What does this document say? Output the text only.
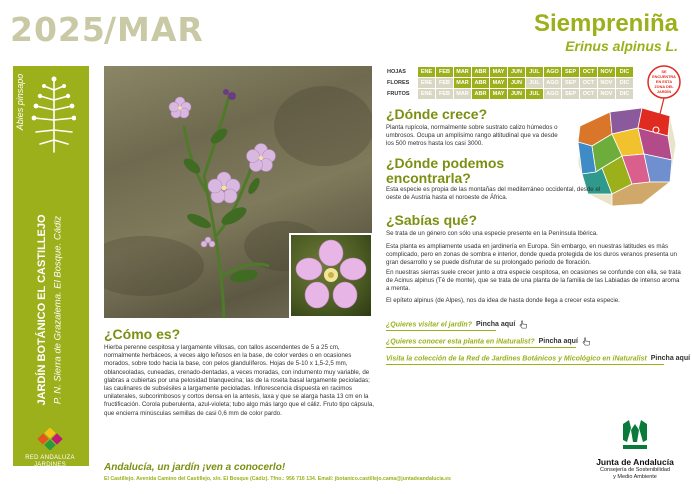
2025
/MAR	Siempreniña
Erinus alpinus L.
Abies pinsapo
JARDÍN BOTÁNICO EL CASTILLEJO P. N. Sierra de Grazalema. El Bosque. Cádiz
RED ANDALUZA
JARDINES BOTÁNICOS
HOJAS	ENE	FEB	MAR	ABR	MAY	JUN	JUL	AGO	SEP	OCT	NOV	DIC
FLORES	ENE	FEB	MAR	ABR	MAY	JUN	JUL	AGO	SEP	OCT	NOV	DIC
FRUTOS	ENE	FEB	MAR	ABR	MAY	JUN	JUL	AGO	SEP	OCT	NOV	DIC
SE
ENCUENTRA
EN ESTA
ZONA DEL
JARDÍN
¿Dónde crece?
Planta rupícola, normalmente sobre sustrato calizo húmedos o umbrosos. Ocupa un amplísimo rango altitudinal que va desde los 500 metros hasta los casi 3000.
¿Dónde podemos encontrarla?
Esta especie es propia de las montañas del mediterráneo occidental, desde el oeste de Austria hasta el noroeste de África.
¿Sabías qué?
Se trata de un género con sólo una especie presente en la Península Ibérica.
Esta planta es ampliamente usada en jardinería en Europa. Sin embargo, en nuestras latitudes es más complicado, pero en zonas de sombra e interior, donde queda protegida de los duros veranos presenta un gran desarrollo y se puede disfrutar de su prolongado periodo de floración.
En nuestras sierras suele crecer junto a otra especie cespitosa, en ocasiones se confunde con ella, se trata de Acinus alpinus (Té de monte), que se trata de una planta de la familia de las Labiadas de intenso aroma a menta.
El epíteto alpinus (de Alpes), nos da idea de hasta donde llega a crecer esta especie.
¿Quieres visitar el jardín? Pincha aquí
¿Quieres conocer esta planta en iNaturalist? Pincha aquí
Visita la colección de la Red de Jardines Botánicos y Micológico en iNaturalist Pincha aquí
¿Cómo es?
Hierba perenne cespitosa y largamente villosas, con tallos ascendentes de 5 a 25 cm, normalmente herbáceos, a veces algo leñosos en la base, de color verdes o en ocasiones morados, sobre todo hacia la base, con pelos glandulíferos. Hojas de 5-10 x 1,5-2,5 mm, oblanceoladas, cuneadas, crenado-dentadas, a veces moradas, con indumento muy variable, de glabras a cubiertas por una pelosidad blanquecina; las de la roseta basal largamente pecioladas; las caulinares de subsésiles a largamente pecioladas. Inflorescencia dispuesta en racimos unilaterales, subcorimbosos y cortos densa en la antesis, laxa y que se alarga hasta 13 cm en la fructificación. Corola puberulenta, azul-violeta; tubo algo más largo que el cáliz. Fruto tipo cápsula, que encierra minúsculas semillas de casi 0,6 mm de color pardo.
Andalucía, un jardín ¡ven a conocerlo!
El Castillejo. Avenida Camino del Castillejo, s/n. El Bosque (Cádiz). Tfno.: 956 716 134. Email: jbotanico.castillejo.cama@juntadeandalucia.es
Junta de Andalucía
Consejería de Sostenibilidad
y Medio Ambiente
